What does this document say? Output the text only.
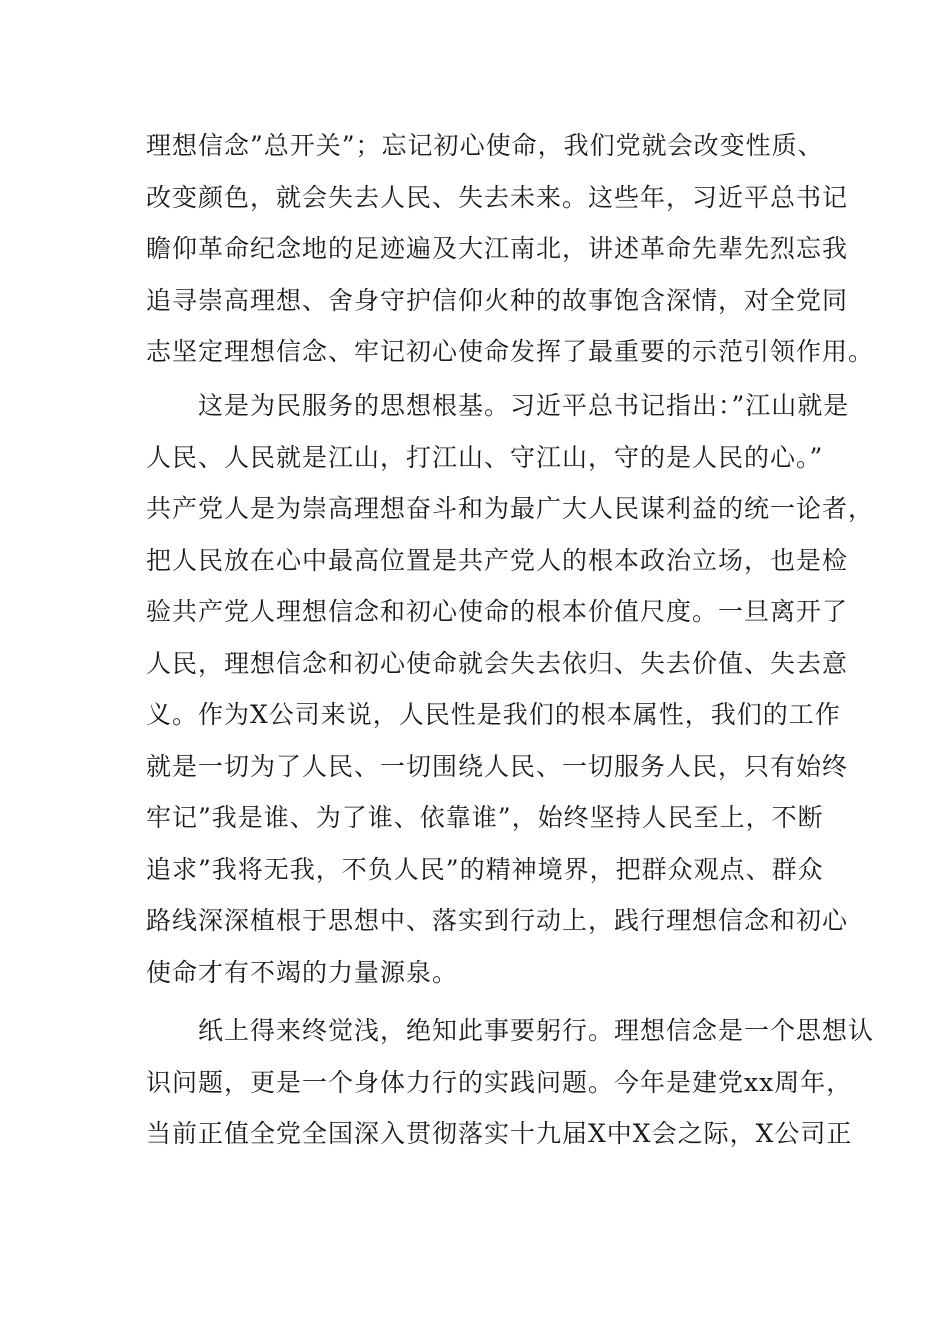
理想信念”总开关”；忘记初心使命，我们党就会改变性质、
改变颜色，就会失去人民、失去未来。这些年，习近平总书记
瞻仰革命纪念地的足迹遍及大江南北，讲述革命先辈先烈忘我
追寻崇高理想、舍身守护信仰火种的故事饱含深情，对全党同
志坚定理想信念、牢记初心使命发挥了最重要的示范引领作用。
这是为民服务的思想根基。习近平总书记指出：”江山就是
人民、人民就是江山，打江山、守江山，守的是人民的心。”
共产党人是为崇高理想奋斗和为最广大人民谋利益的统一论者，
把人民放在心中最高位置是共产党人的根本政治立场，也是检
验共产党人理想信念和初心使命的根本价值尺度。一旦离开了
人民，理想信念和初心使命就会失去依归、失去价值、失去意
义。作为X公司来说，人民性是我们的根本属性，我们的工作
就是一切为了人民、一切围绕人民、一切服务人民，只有始终
牢记”我是谁、为了谁、依靠谁”，始终坚持人民至上，不断
追求”我将无我，不负人民”的精神境界，把群众观点、群众
路线深深植根于思想中、落实到行动上，践行理想信念和初心
使命才有不竭的力量源泉。
纸上得来终觉浅，绝知此事要躬行。理想信念是一个思想认
识问题，更是一个身体力行的实践问题。今年是建党xx周年，
当前正值全党全国深入贯彻落实十九届X中X会之际，X公司正
